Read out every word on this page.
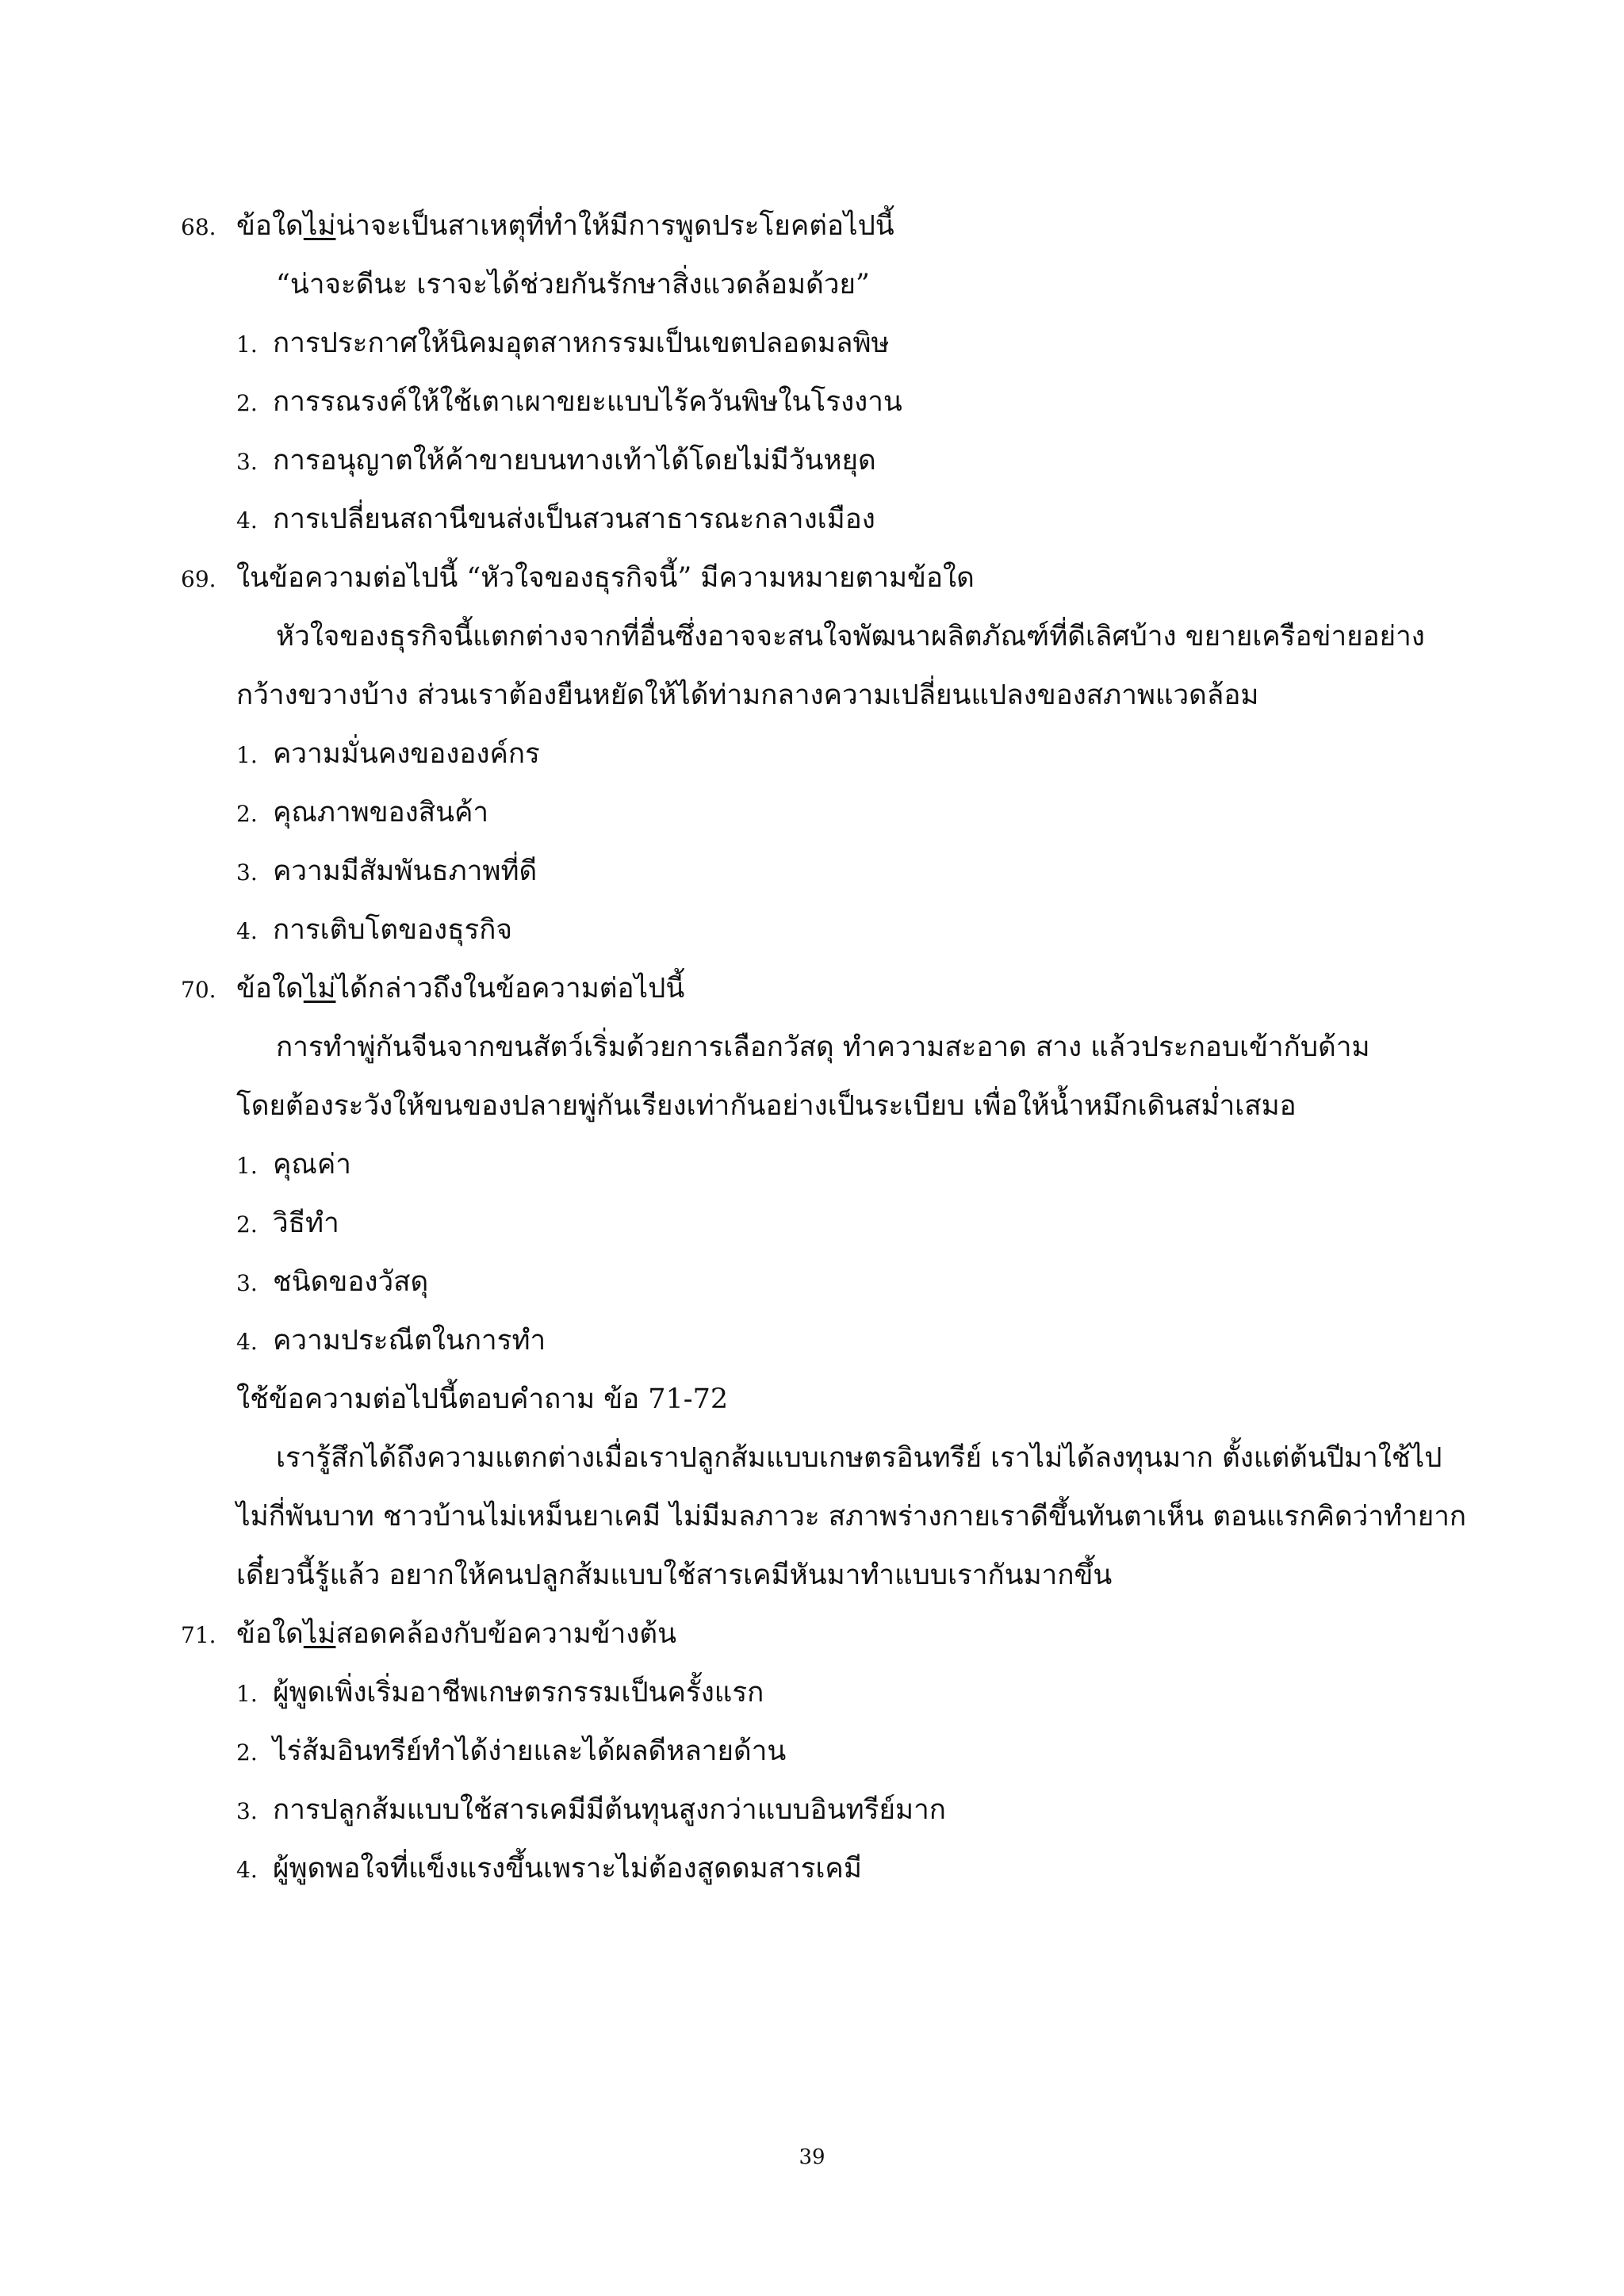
68. ข้อใดไม่น่าจะเป็นสาเหตุที่ทำให้มีการพูดประโยคต่อไปนี้
“น่าจะดีนะ เราจะได้ช่วยกันรักษาสิ่งแวดล้อมด้วย”
1. การประกาศให้นิคมอุตสาหกรรมเป็นเขตปลอดมลพิษ
2. การรณรงค์ให้ใช้เตาเผาขยะแบบไร้ควันพิษในโรงงาน
3. การอนุญาตให้ค้าขายบนทางเท้าได้โดยไม่มีวันหยุด
4. การเปลี่ยนสถานีขนส่งเป็นสวนสาธารณะกลางเมือง
69. ในข้อความต่อไปนี้ “หัวใจของธุรกิจนี้” มีความหมายตามข้อใด
หัวใจของธุรกิจนี้แตกต่างจากที่อื่นซึ่งอาจจะสนใจพัฒนาผลิตภัณฑ์ที่ดีเลิศบ้าง ขยายเครือข่ายอย่าง
กว้างขวางบ้าง ส่วนเราต้องยืนหยัดให้ได้ท่ามกลางความเปลี่ยนแปลงของสภาพแวดล้อม
1. ความมั่นคงขององค์กร
2. คุณภาพของสินค้า
3. ความมีสัมพันธภาพที่ดี
4. การเติบโตของธุรกิจ
70. ข้อใดไม่ได้กล่าวถึงในข้อความต่อไปนี้
การทำพู่กันจีนจากขนสัตว์เริ่มด้วยการเลือกวัสดุ ทำความสะอาด สาง แล้วประกอบเข้ากับด้าม
โดยต้องระวังให้ขนของปลายพู่กันเรียงเท่ากันอย่างเป็นระเบียบ เพื่อให้น้ำหมึกเดินสม่ำเสมอ
1. คุณค่า
2. วิธีทำ
3. ชนิดของวัสดุ
4. ความประณีตในการทำ
ใช้ข้อความต่อไปนี้ตอบคำถาม ข้อ 71-72
เรารู้สึกได้ถึงความแตกต่างเมื่อเราปลูกส้มแบบเกษตรอินทรีย์ เราไม่ได้ลงทุนมาก ตั้งแต่ต้นปีมาใช้ไป
ไม่กี่พันบาท ชาวบ้านไม่เหม็นยาเคมี ไม่มีมลภาวะ สภาพร่างกายเราดีขึ้นทันตาเห็น ตอนแรกคิดว่าทำยาก
เดี๋ยวนี้รู้แล้ว อยากให้คนปลูกส้มแบบใช้สารเคมีหันมาทำแบบเรากันมากขึ้น
71. ข้อใดไม่สอดคล้องกับข้อความข้างต้น
1. ผู้พูดเพิ่งเริ่มอาชีพเกษตรกรรมเป็นครั้งแรก
2. ไร่ส้มอินทรีย์ทำได้ง่ายและได้ผลดีหลายด้าน
3. การปลูกส้มแบบใช้สารเคมีมีต้นทุนสูงกว่าแบบอินทรีย์มาก
4. ผู้พูดพอใจที่แข็งแรงขึ้นเพราะไม่ต้องสูดดมสารเคมี
39
